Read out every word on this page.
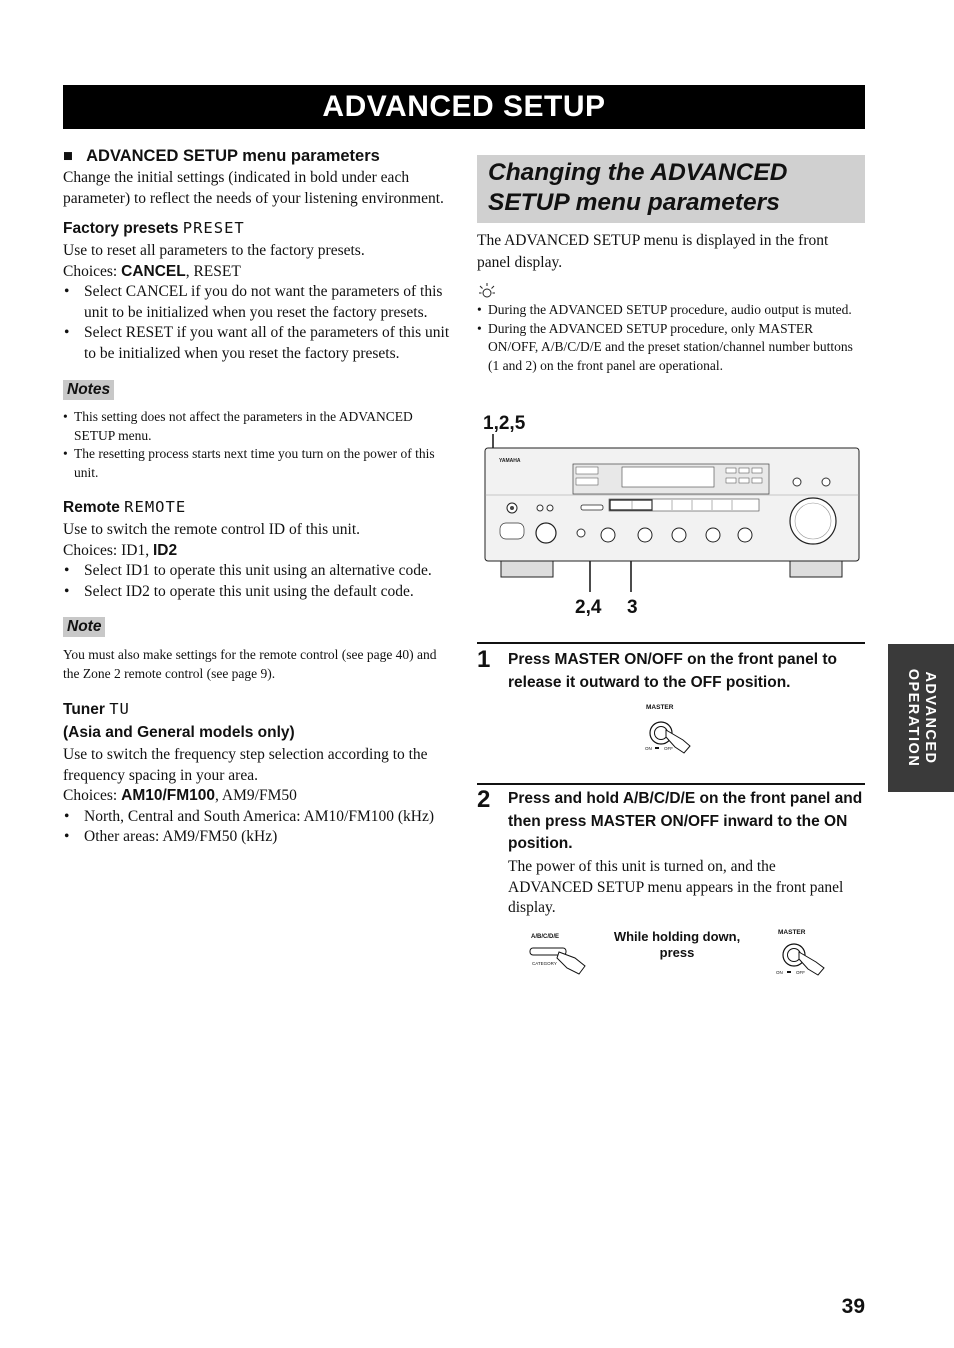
ADVANCED SETUP
■ ADVANCED SETUP menu parameters
Change the initial settings (indicated in bold under each parameter) to reflect the needs of your listening environment.
Factory presets PRESET
Use to reset all parameters to the factory presets.
Choices: CANCEL, RESET
• Select CANCEL if you do not want the parameters of this unit to be initialized when you reset the factory presets.
• Select RESET if you want all of the parameters of this unit to be initialized when you reset the factory presets.
Notes
• This setting does not affect the parameters in the ADVANCED SETUP menu.
• The resetting process starts next time you turn on the power of this unit.
Remote REMOTE
Use to switch the remote control ID of this unit.
Choices: ID1, ID2
• Select ID1 to operate this unit using an alternative code.
• Select ID2 to operate this unit using the default code.
Note
You must also make settings for the remote control (see page 40) and the Zone 2 remote control (see page 9).
Tuner TU
(Asia and General models only)
Use to switch the frequency step selection according to the frequency spacing in your area.
Choices: AM10/FM100, AM9/FM50
• North, Central and South America: AM10/FM100 (kHz)
• Other areas: AM9/FM50 (kHz)
Changing the ADVANCED SETUP menu parameters
The ADVANCED SETUP menu is displayed in the front panel display.
• During the ADVANCED SETUP procedure, audio output is muted.
• During the ADVANCED SETUP procedure, only MASTER ON/OFF, A/B/C/D/E and the preset station/channel number buttons (1 and 2) on the front panel are operational.
1,2,5
2,4 3
YAMAHA
1 Press MASTER ON/OFF on the front panel to release it outward to the OFF position.
MASTER
ON	OFF
2 Press and hold A/B/C/D/E on the front panel and then press MASTER ON/OFF inward to the ON position.
The power of this unit is turned on, and the ADVANCED SETUP menu appears in the front panel display.
A/B/C/D/E
CATEGORY
While holding down, press
MASTER
ON	OFF
ADVANCED
OPERATION
39
